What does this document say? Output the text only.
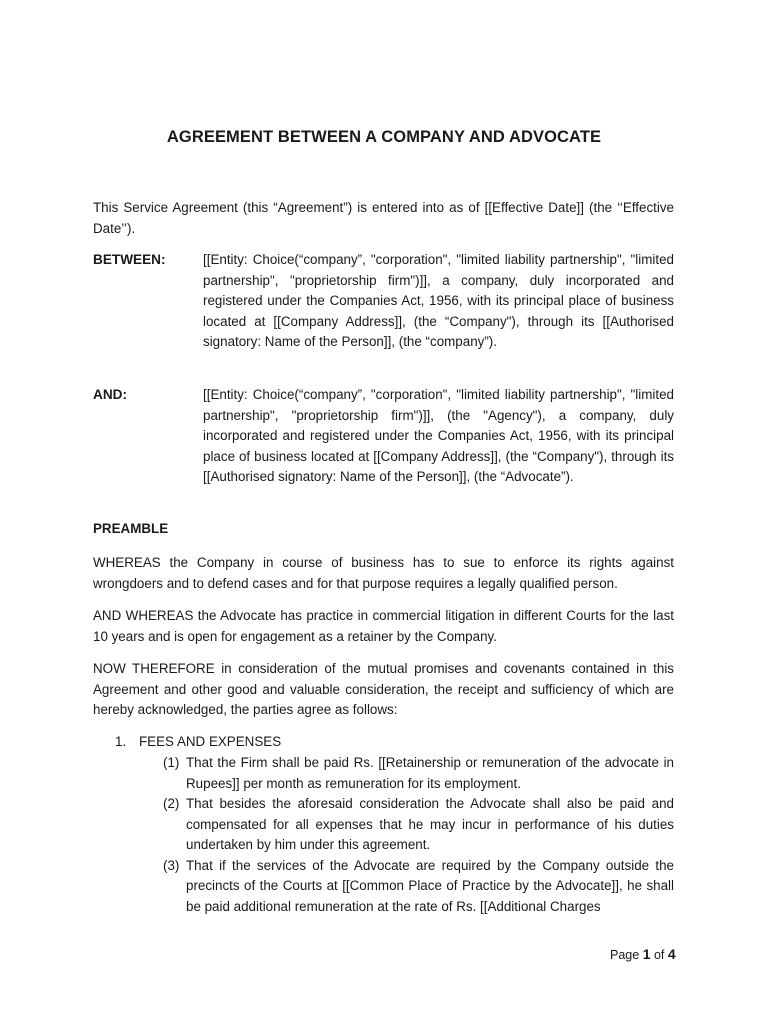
AGREEMENT BETWEEN A COMPANY AND ADVOCATE
This Service Agreement (this “Agreement”) is entered into as of [[Effective Date]] (the ‘‘Effective Date’’).
BETWEEN:	[[Entity: Choice(“company”, "corporation", "limited liability partnership", "limited partnership", "proprietorship firm")]], a company, duly incorporated and registered under the Companies Act, 1956, with its principal place of business located at [[Company Address]], (the “Company"), through its [[Authorised signatory: Name of the Person]], (the “company”).
AND:	[[Entity: Choice(“company”, "corporation", "limited liability partnership", "limited partnership", "proprietorship firm")]], (the "Agency"), a company, duly incorporated and registered under the Companies Act, 1956, with its principal place of business located at [[Company Address]], (the “Company"), through its [[Authorised signatory: Name of the Person]], (the “Advocate”).
PREAMBLE
WHEREAS the Company in course of business has to sue to enforce its rights against wrongdoers and to defend cases and for that purpose requires a legally qualified person.
AND WHEREAS the Advocate has practice in commercial litigation in different Courts for the last 10 years and is open for engagement as a retainer by the Company.
NOW THEREFORE in consideration of the mutual promises and covenants contained in this Agreement and other good and valuable consideration, the receipt and sufficiency of which are hereby acknowledged, the parties agree as follows:
1. FEES AND EXPENSES
(1) That the Firm shall be paid Rs. [[Retainership or remuneration of the advocate in Rupees]] per month as remuneration for its employment.
(2) That besides the aforesaid consideration the Advocate shall also be paid and compensated for all expenses that he may incur in performance of his duties undertaken by him under this agreement.
(3) That if the services of the Advocate are required by the Company outside the precincts of the Courts at [[Common Place of Practice by the Advocate]], he shall be paid additional remuneration at the rate of Rs. [[Additional Charges
Page 1 of 4
